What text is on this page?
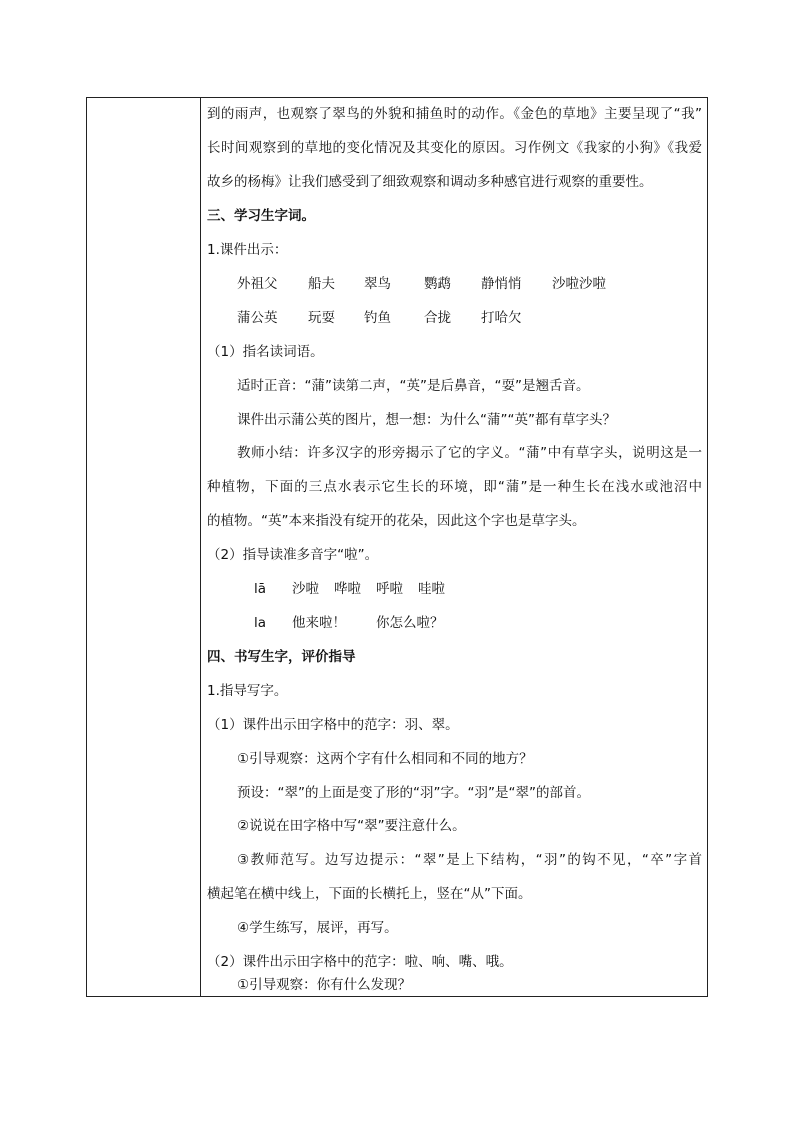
到的雨声，也观察了翠鸟的外貌和捕鱼时的动作。《金色的草地》主要呈现了“我”
长时间观察到的草地的变化情况及其变化的原因。习作例文《我家的小狗》《我爱
故乡的杨梅》让我们感受到了细致观察和调动多种感官进行观察的重要性。
三、学习生字词。
1.课件出示：
外祖父 船夫 翠鸟 鹦鹉 静悄悄 沙啦沙啦
蒲公英 玩耍 钓鱼 合拢 打哈欠
（1）指名读词语。
适时正音：“蒲”读第二声，“英”是后鼻音，“耍”是翘舌音。
课件出示蒲公英的图片，想一想：为什么“蒲”“英”都有草字头？
教师小结：许多汉字的形旁揭示了它的字义。“蒲”中有草字头，说明这是一
种植物，下面的三点水表示它生长的环境，即“蒲”是一种生长在浅水或池沼中
的植物。“英”本来指没有绽开的花朵，因此这个字也是草字头。
（2）指导读准多音字“啦”。
lā 沙啦 哗啦 呼啦 哇啦
la 他来啦！ 你怎么啦？
四、书写生字，评价指导
1.指导写字。
（1）课件出示田字格中的范字：羽、翠。
①引导观察：这两个字有什么相同和不同的地方？
预设：“翠”的上面是变了形的“羽”字。“羽”是“翠”的部首。
②说说在田字格中写“翠”要注意什么。
③教师范写。边写边提示：“翠”是上下结构，“羽”的钩不见，“卒”字首
横起笔在横中线上，下面的长横托上，竖在“从”下面。
④学生练写，展评，再写。
（2）课件出示田字格中的范字：啦、响、嘴、哦。
①引导观察：你有什么发现？
